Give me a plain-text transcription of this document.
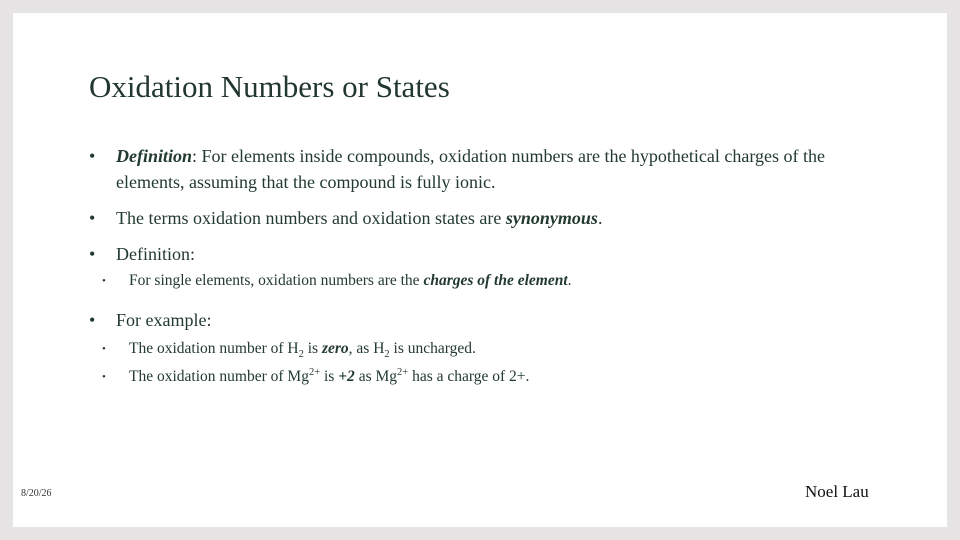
Oxidation Numbers or States
• Definition: For elements inside compounds, oxidation numbers are the hypothetical charges of the elements, assuming that the compound is fully ionic.
• The terms oxidation numbers and oxidation states are synonymous.
• Definition:
• For single elements, oxidation numbers are the charges of the element.
• For example:
• The oxidation number of $H_2$ is zero, as $H_2$ is uncharged.
• The oxidation number of $Mg^{2+}$ is +2 as $Mg^{2+}$ has a charge of 2+.
8/20/26	Noel Lau
